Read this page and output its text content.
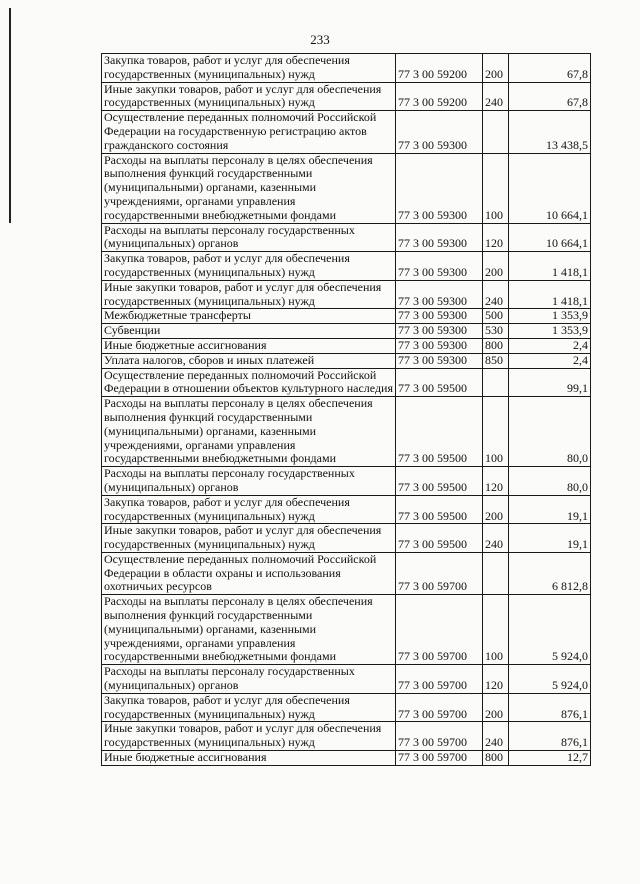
233
Закупка товаров, работ и услуг для обеспечения государственных (муниципальных) нужд	77 3 00 59200	200	67,8
Иные закупки товаров, работ и услуг для обеспечения государственных (муниципальных) нужд	77 3 00 59200	240	67,8
Осуществление переданных полномочий Российской Федерации на государственную регистрацию актов гражданского состояния	77 3 00 59300		13 438,5
Расходы на выплаты персоналу в целях обеспечения выполнения функций государственными (муниципальными) органами, казенными учреждениями, органами управления государственными внебюджетными фондами	77 3 00 59300	100	10 664,1
Расходы на выплаты персоналу государственных (муниципальных) органов	77 3 00 59300	120	10 664,1
Закупка товаров, работ и услуг для обеспечения государственных (муниципальных) нужд	77 3 00 59300	200	1 418,1
Иные закупки товаров, работ и услуг для обеспечения государственных (муниципальных) нужд	77 3 00 59300	240	1 418,1
Межбюджетные трансферты	77 3 00 59300	500	1 353,9
Субвенции	77 3 00 59300	530	1 353,9
Иные бюджетные ассигнования	77 3 00 59300	800	2,4
Уплата налогов, сборов и иных платежей	77 3 00 59300	850	2,4
Осуществление переданных полномочий Российской Федерации в отношении объектов культурного наследия	77 3 00 59500		99,1
Расходы на выплаты персоналу в целях обеспечения выполнения функций государственными (муниципальными) органами, казенными учреждениями, органами управления государственными внебюджетными фондами	77 3 00 59500	100	80,0
Расходы на выплаты персоналу государственных (муниципальных) органов	77 3 00 59500	120	80,0
Закупка товаров, работ и услуг для обеспечения государственных (муниципальных) нужд	77 3 00 59500	200	19,1
Иные закупки товаров, работ и услуг для обеспечения государственных (муниципальных) нужд	77 3 00 59500	240	19,1
Осуществление переданных полномочий Российской Федерации в области охраны и использования охотничьих ресурсов	77 3 00 59700		6 812,8
Расходы на выплаты персоналу в целях обеспечения выполнения функций государственными (муниципальными) органами, казенными учреждениями, органами управления государственными внебюджетными фондами	77 3 00 59700	100	5 924,0
Расходы на выплаты персоналу государственных (муниципальных) органов	77 3 00 59700	120	5 924,0
Закупка товаров, работ и услуг для обеспечения государственных (муниципальных) нужд	77 3 00 59700	200	876,1
Иные закупки товаров, работ и услуг для обеспечения государственных (муниципальных) нужд	77 3 00 59700	240	876,1
Иные бюджетные ассигнования	77 3 00 59700	800	12,7
